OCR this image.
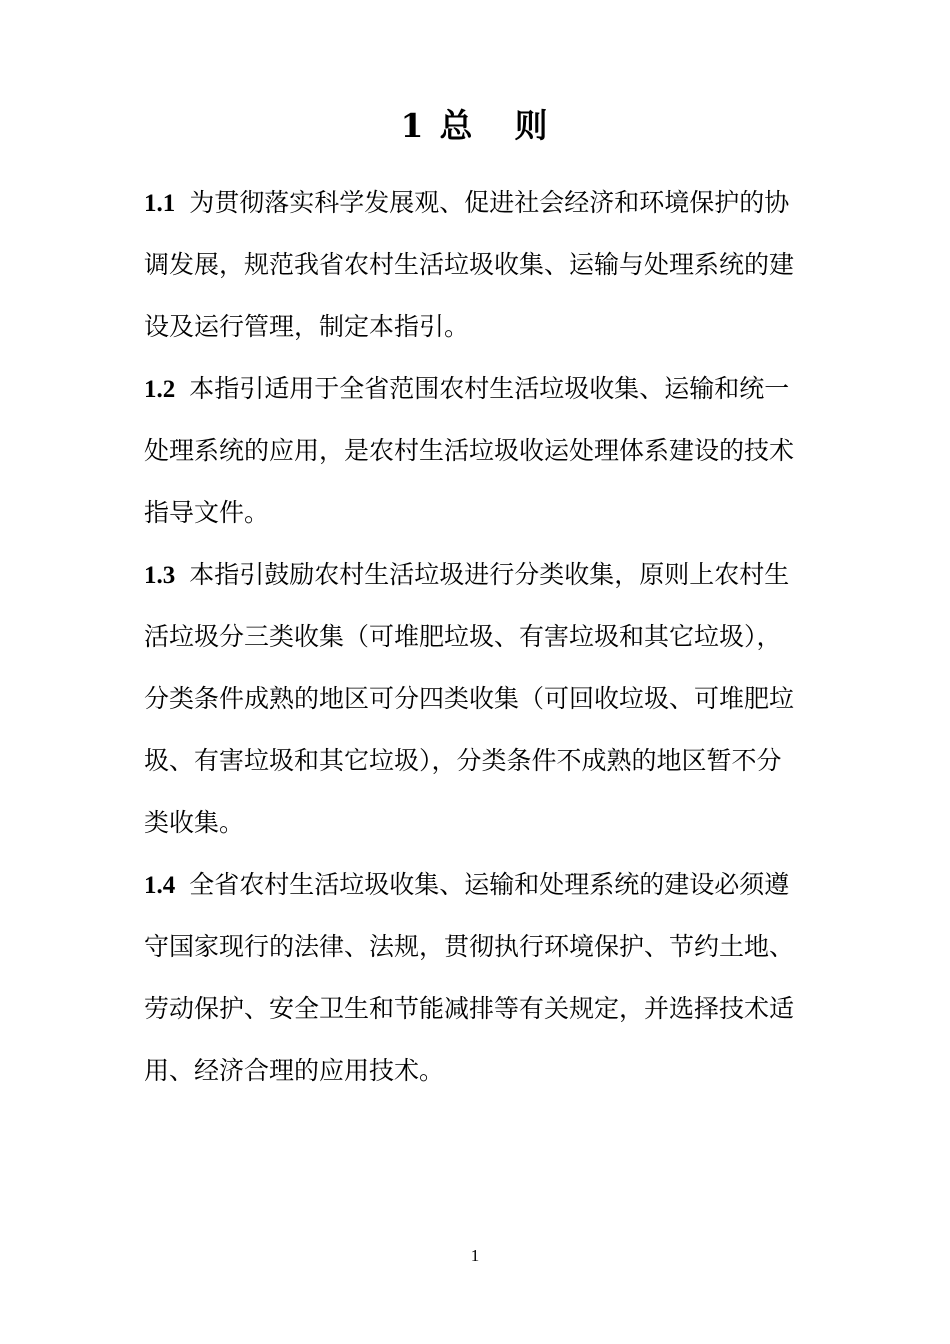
1 总 则
1.1 为贯彻落实科学发展观、促进社会经济和环境保护的协
调发展，规范我省农村生活垃圾收集、运输与处理系统的建
设及运行管理，制定本指引。
1.2 本指引适用于全省范围农村生活垃圾收集、运输和统一
处理系统的应用，是农村生活垃圾收运处理体系建设的技术
指导文件。
1.3 本指引鼓励农村生活垃圾进行分类收集，原则上农村生
活垃圾分三类收集（可堆肥垃圾、有害垃圾和其它垃圾），
分类条件成熟的地区可分四类收集（可回收垃圾、可堆肥垃
圾、有害垃圾和其它垃圾），分类条件不成熟的地区暂不分
类收集。
1.4 全省农村生活垃圾收集、运输和处理系统的建设必须遵
守国家现行的法律、法规，贯彻执行环境保护、节约土地、
劳动保护、安全卫生和节能减排等有关规定，并选择技术适
用、经济合理的应用技术。
1
